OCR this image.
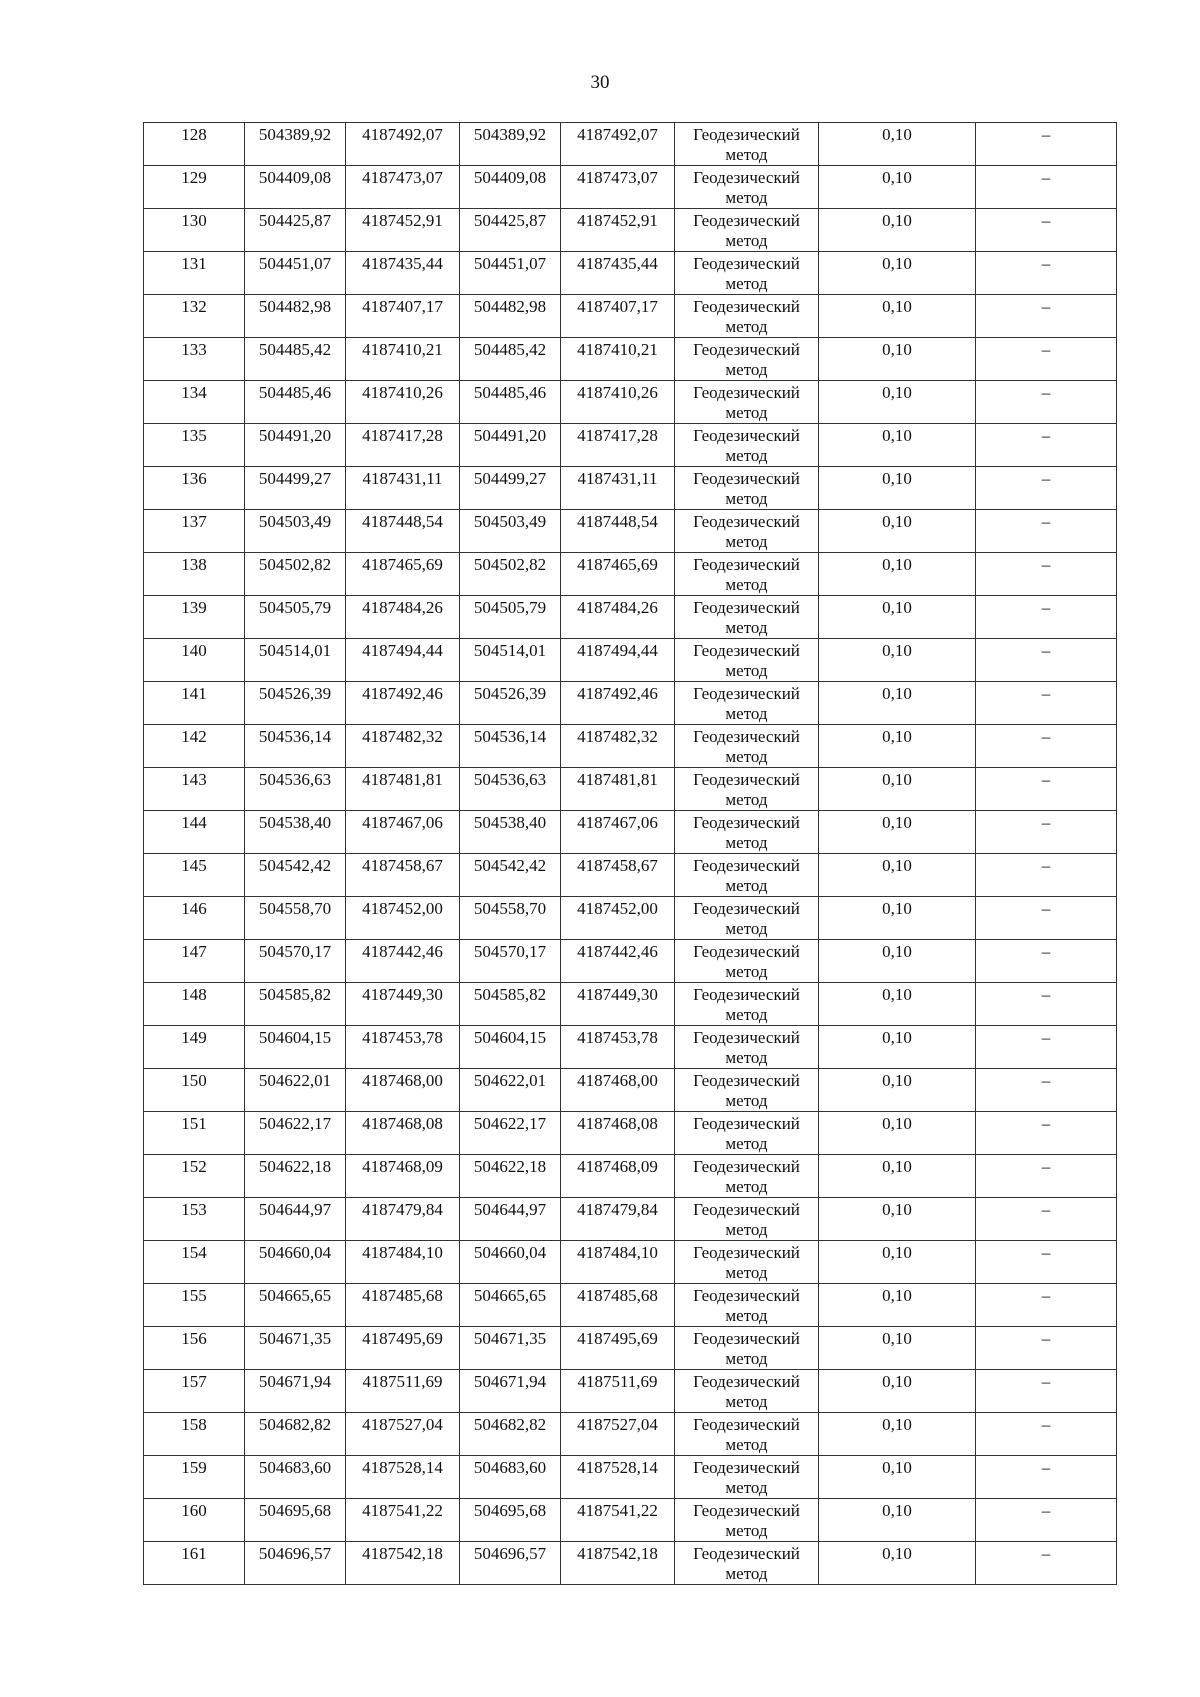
30
128	504389,92	4187492,07	504389,92	4187492,07	Геодезический метод	0,10	–
129	504409,08	4187473,07	504409,08	4187473,07	Геодезический метод	0,10	–
130	504425,87	4187452,91	504425,87	4187452,91	Геодезический метод	0,10	–
131	504451,07	4187435,44	504451,07	4187435,44	Геодезический метод	0,10	–
132	504482,98	4187407,17	504482,98	4187407,17	Геодезический метод	0,10	–
133	504485,42	4187410,21	504485,42	4187410,21	Геодезический метод	0,10	–
134	504485,46	4187410,26	504485,46	4187410,26	Геодезический метод	0,10	–
135	504491,20	4187417,28	504491,20	4187417,28	Геодезический метод	0,10	–
136	504499,27	4187431,11	504499,27	4187431,11	Геодезический метод	0,10	–
137	504503,49	4187448,54	504503,49	4187448,54	Геодезический метод	0,10	–
138	504502,82	4187465,69	504502,82	4187465,69	Геодезический метод	0,10	–
139	504505,79	4187484,26	504505,79	4187484,26	Геодезический метод	0,10	–
140	504514,01	4187494,44	504514,01	4187494,44	Геодезический метод	0,10	–
141	504526,39	4187492,46	504526,39	4187492,46	Геодезический метод	0,10	–
142	504536,14	4187482,32	504536,14	4187482,32	Геодезический метод	0,10	–
143	504536,63	4187481,81	504536,63	4187481,81	Геодезический метод	0,10	–
144	504538,40	4187467,06	504538,40	4187467,06	Геодезический метод	0,10	–
145	504542,42	4187458,67	504542,42	4187458,67	Геодезический метод	0,10	–
146	504558,70	4187452,00	504558,70	4187452,00	Геодезический метод	0,10	–
147	504570,17	4187442,46	504570,17	4187442,46	Геодезический метод	0,10	–
148	504585,82	4187449,30	504585,82	4187449,30	Геодезический метод	0,10	–
149	504604,15	4187453,78	504604,15	4187453,78	Геодезический метод	0,10	–
150	504622,01	4187468,00	504622,01	4187468,00	Геодезический метод	0,10	–
151	504622,17	4187468,08	504622,17	4187468,08	Геодезический метод	0,10	–
152	504622,18	4187468,09	504622,18	4187468,09	Геодезический метод	0,10	–
153	504644,97	4187479,84	504644,97	4187479,84	Геодезический метод	0,10	–
154	504660,04	4187484,10	504660,04	4187484,10	Геодезический метод	0,10	–
155	504665,65	4187485,68	504665,65	4187485,68	Геодезический метод	0,10	–
156	504671,35	4187495,69	504671,35	4187495,69	Геодезический метод	0,10	–
157	504671,94	4187511,69	504671,94	4187511,69	Геодезический метод	0,10	–
158	504682,82	4187527,04	504682,82	4187527,04	Геодезический метод	0,10	–
159	504683,60	4187528,14	504683,60	4187528,14	Геодезический метод	0,10	–
160	504695,68	4187541,22	504695,68	4187541,22	Геодезический метод	0,10	–
161	504696,57	4187542,18	504696,57	4187542,18	Геодезический метод	0,10	–
